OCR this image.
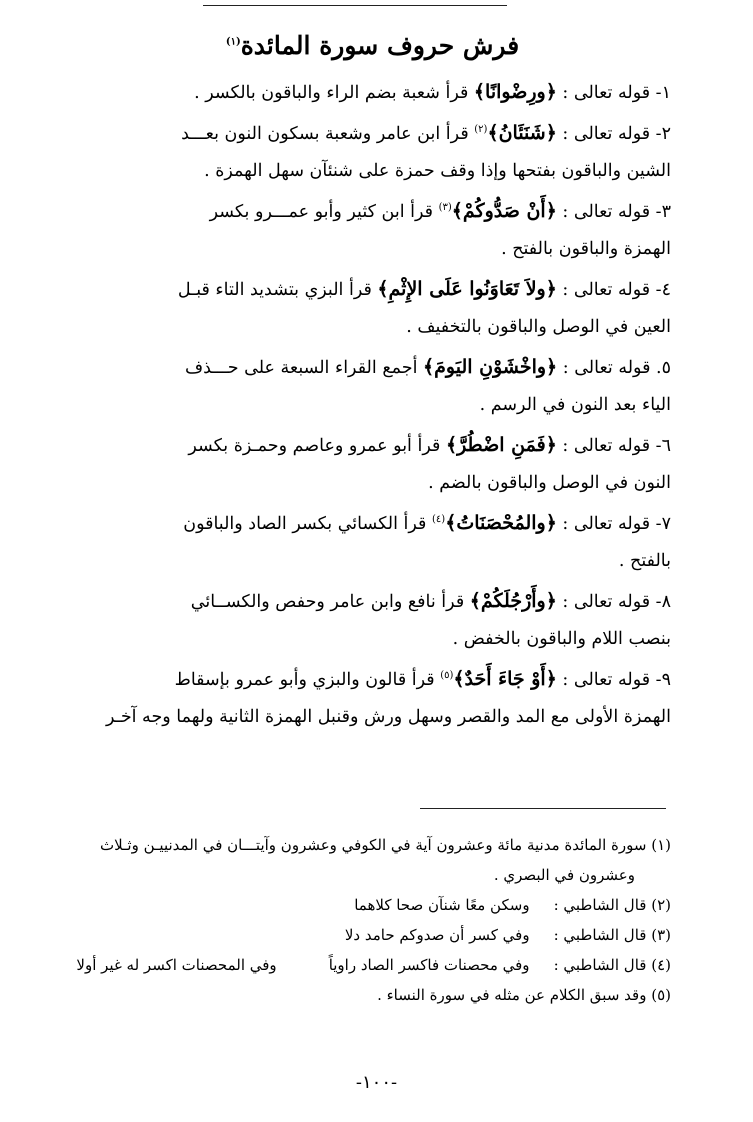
فرش حروف سورة المائدة$^{(١)}$
١- قوله تعالى : ﴿ورِضْوانًا﴾ قرأ شعبة بضم الراء والباقون بالكسر .
٢- قوله تعالى : ﴿شَنَئَانُ﴾$^{(٢)}$ قرأ ابن عامر وشعبة بسكون النون بعـــد
الشين والباقون بفتحها وإذا وقف حمزة على شنئآن سهل الهمزة .
٣- قوله تعالى : ﴿أَنْ صَدُّوكُمْ﴾$^{(٣)}$ قرأ ابن كثير وأبو عمـــرو بكسر
الهمزة والباقون بالفتح .
٤- قوله تعالى : ﴿ولاَ تَعَاوَنُوا عَلَى الإِثْمِ﴾ قرأ البزي بتشديد التاء قبـل
العين في الوصل والباقون بالتخفيف .
٥. قوله تعالى : ﴿واخْشَوْنِ اليَومَ﴾ أجمع القراء السبعة على حـــذف
الياء بعد النون في الرسم .
٦- قوله تعالى : ﴿فَمَنِ اضْطُرَّ﴾ قرأ أبو عمرو وعاصم وحمـزة بكسر
النون في الوصل والباقون بالضم .
٧- قوله تعالى : ﴿والمُحْصَنَاتُ﴾$^{(٤)}$ قرأ الكسائي بكسر الصاد والباقون
بالفتح .
٨- قوله تعالى : ﴿وأَرْجُلَكُمْ﴾ قرأ نافع وابن عامر وحفص والكســائي
بنصب اللام والباقون بالخفض .
٩- قوله تعالى : ﴿أَوْ جَاءَ أَحَدٌ﴾$^{(٥)}$ قرأ قالون والبزي وأبو عمرو بإسقاط
الهمزة الأولى مع المد والقصر وسهل ورش وقنبل الهمزة الثانية ولهما وجه آخـر
(١) سورة المائدة مدنية مائة وعشرون آية في الكوفي وعشرون وآيتـــان في المدنييـن وثـلاث
وعشرون في البصري .
(٢) قال الشاطبي :وسكن معًا شنآن صحا كلاهما
(٣) قال الشاطبي :وفي كسر أن صدوكم حامد دلا
(٤) قال الشاطبي :وفي محصنات فاكسر الصاد راوياًوفي المحصنات اكسر له غير أولا
(٥) وقد سبق الكلام عن مثله في سورة النساء .
-١٠٠-
